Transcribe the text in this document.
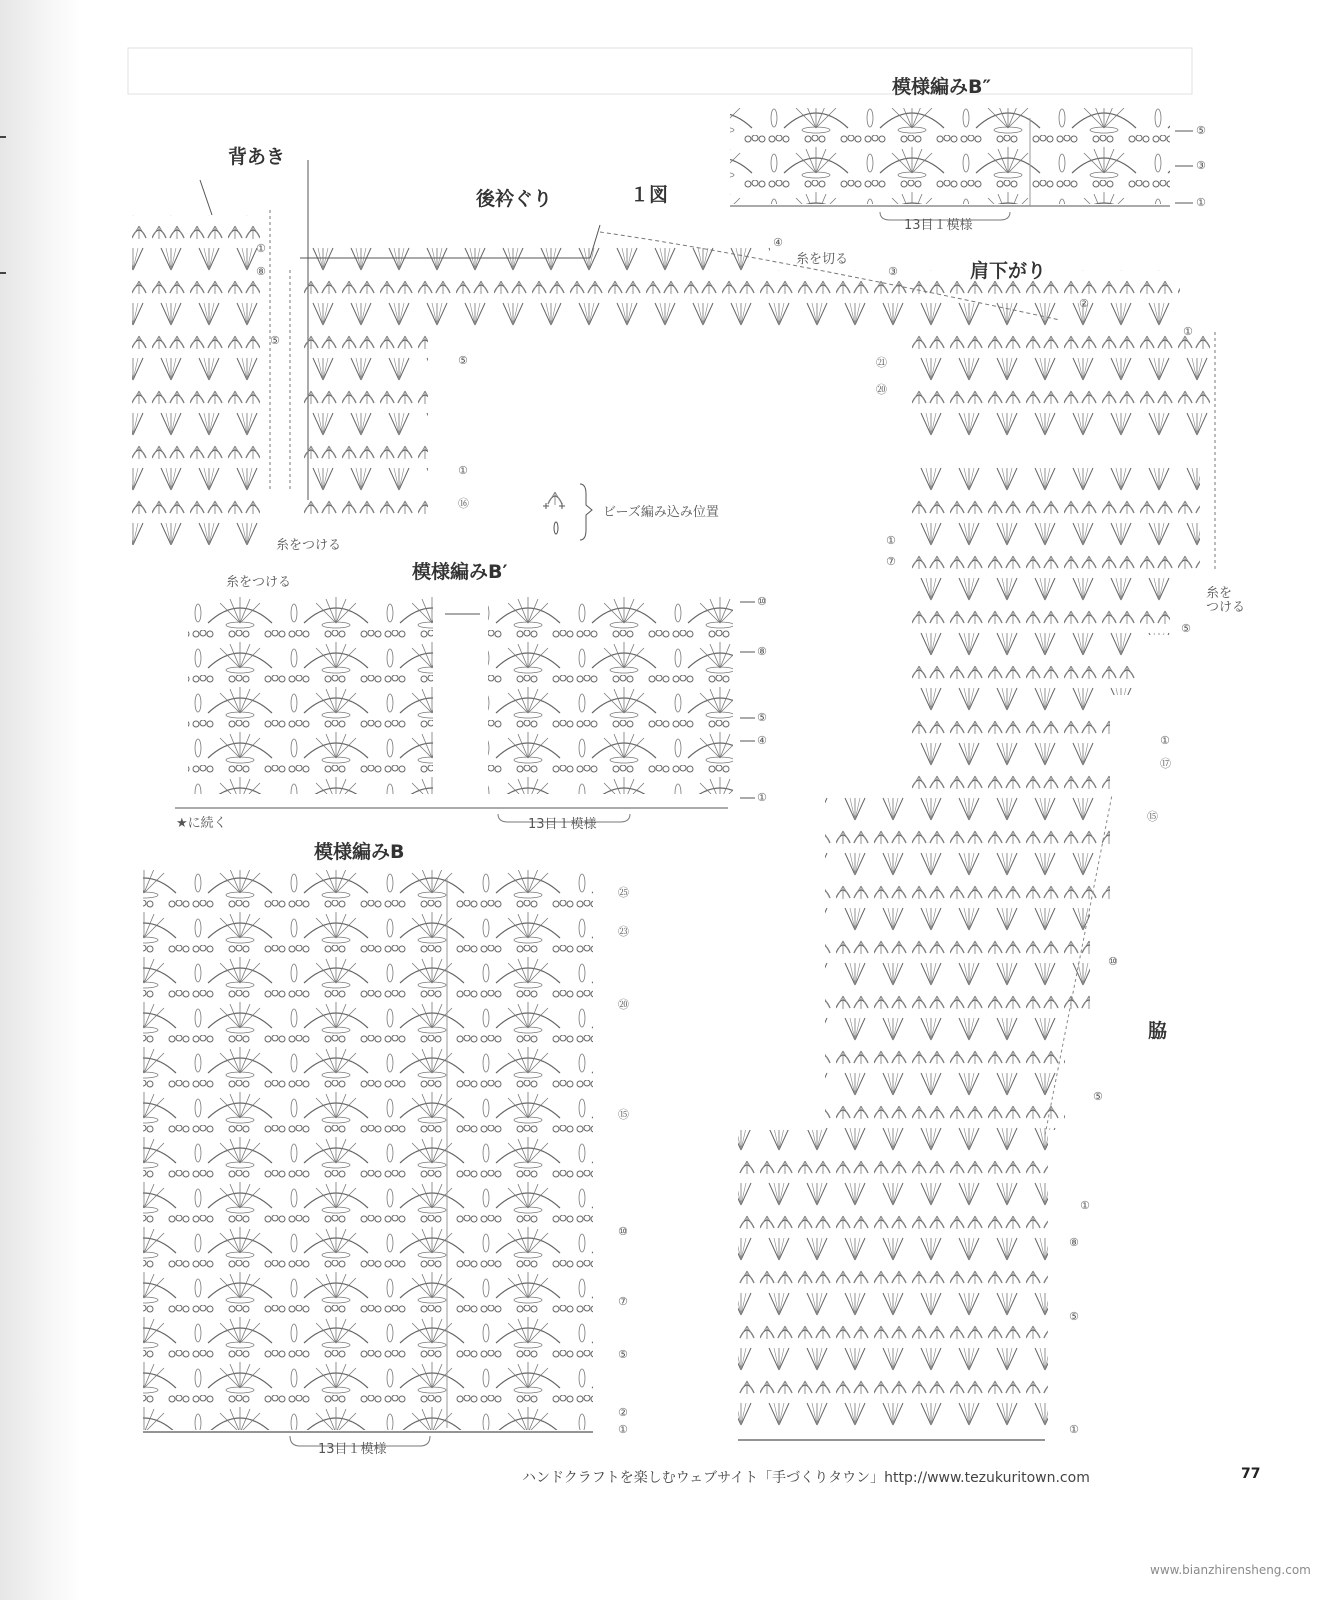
背あき
後衿ぐり	１図
肩下がり
脇
模様編みB″
模様編みB′
模様編みB
13目１模様
13目１模様
13目１模様
糸を切る
糸をつける
糸をつける
糸を
つける
★に続く
ビーズ編み込み位置
⑤
③
①
⑩
⑧
⑤
④
①
㉕
㉓
⑳
⑮
⑩
⑦
⑤
②
①
⑤
①
⑯
①
⑧
⑤
④
③
②
①
㉑
⑳
①
⑦
⑤
①
⑰
⑮
⑩
⑤
①
⑧
⑤
①
ハンドクラフトを楽しむウェブサイト「手づくりタウン」http://www.tezukuritown.com	77
www.bianzhirensheng.com
